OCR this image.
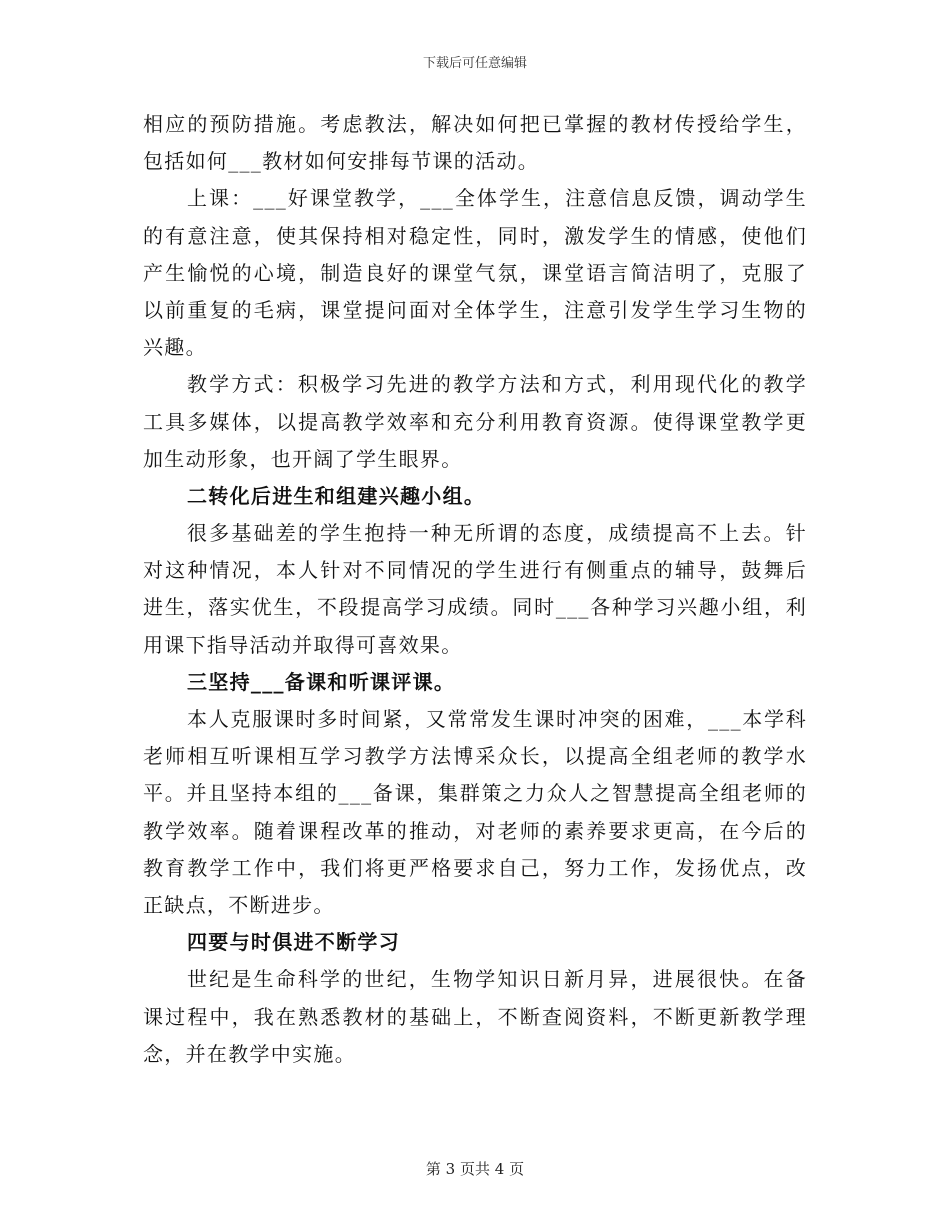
下载后可任意编辑
相应的预防措施。考虑教法，解决如何把已掌握的教材传授给学生，
包括如何___教材如何安排每节课的活动。
上课：___好课堂教学，___全体学生，注意信息反馈，调动学生
的有意注意，使其保持相对稳定性，同时，激发学生的情感，使他们
产生愉悦的心境，制造良好的课堂气氛，课堂语言简洁明了，克服了
以前重复的毛病，课堂提问面对全体学生，注意引发学生学习生物的
兴趣。
教学方式：积极学习先进的教学方法和方式，利用现代化的教学
工具多媒体，以提高教学效率和充分利用教育资源。使得课堂教学更
加生动形象，也开阔了学生眼界。
二转化后进生和组建兴趣小组。
很多基础差的学生抱持一种无所谓的态度，成绩提高不上去。针
对这种情况，本人针对不同情况的学生进行有侧重点的辅导，鼓舞后
进生，落实优生，不段提高学习成绩。同时___各种学习兴趣小组，利
用课下指导活动并取得可喜效果。
三坚持___备课和听课评课。
本人克服课时多时间紧，又常常发生课时冲突的困难，___本学科
老师相互听课相互学习教学方法博采众长，以提高全组老师的教学水
平。并且坚持本组的___备课，集群策之力众人之智慧提高全组老师的
教学效率。随着课程改革的推动，对老师的素养要求更高，在今后的
教育教学工作中，我们将更严格要求自己，努力工作，发扬优点，改
正缺点，不断进步。
四要与时俱进不断学习
世纪是生命科学的世纪，生物学知识日新月异，进展很快。在备
课过程中，我在熟悉教材的基础上，不断查阅资料，不断更新教学理
念，并在教学中实施。
第 3 页共 4 页
